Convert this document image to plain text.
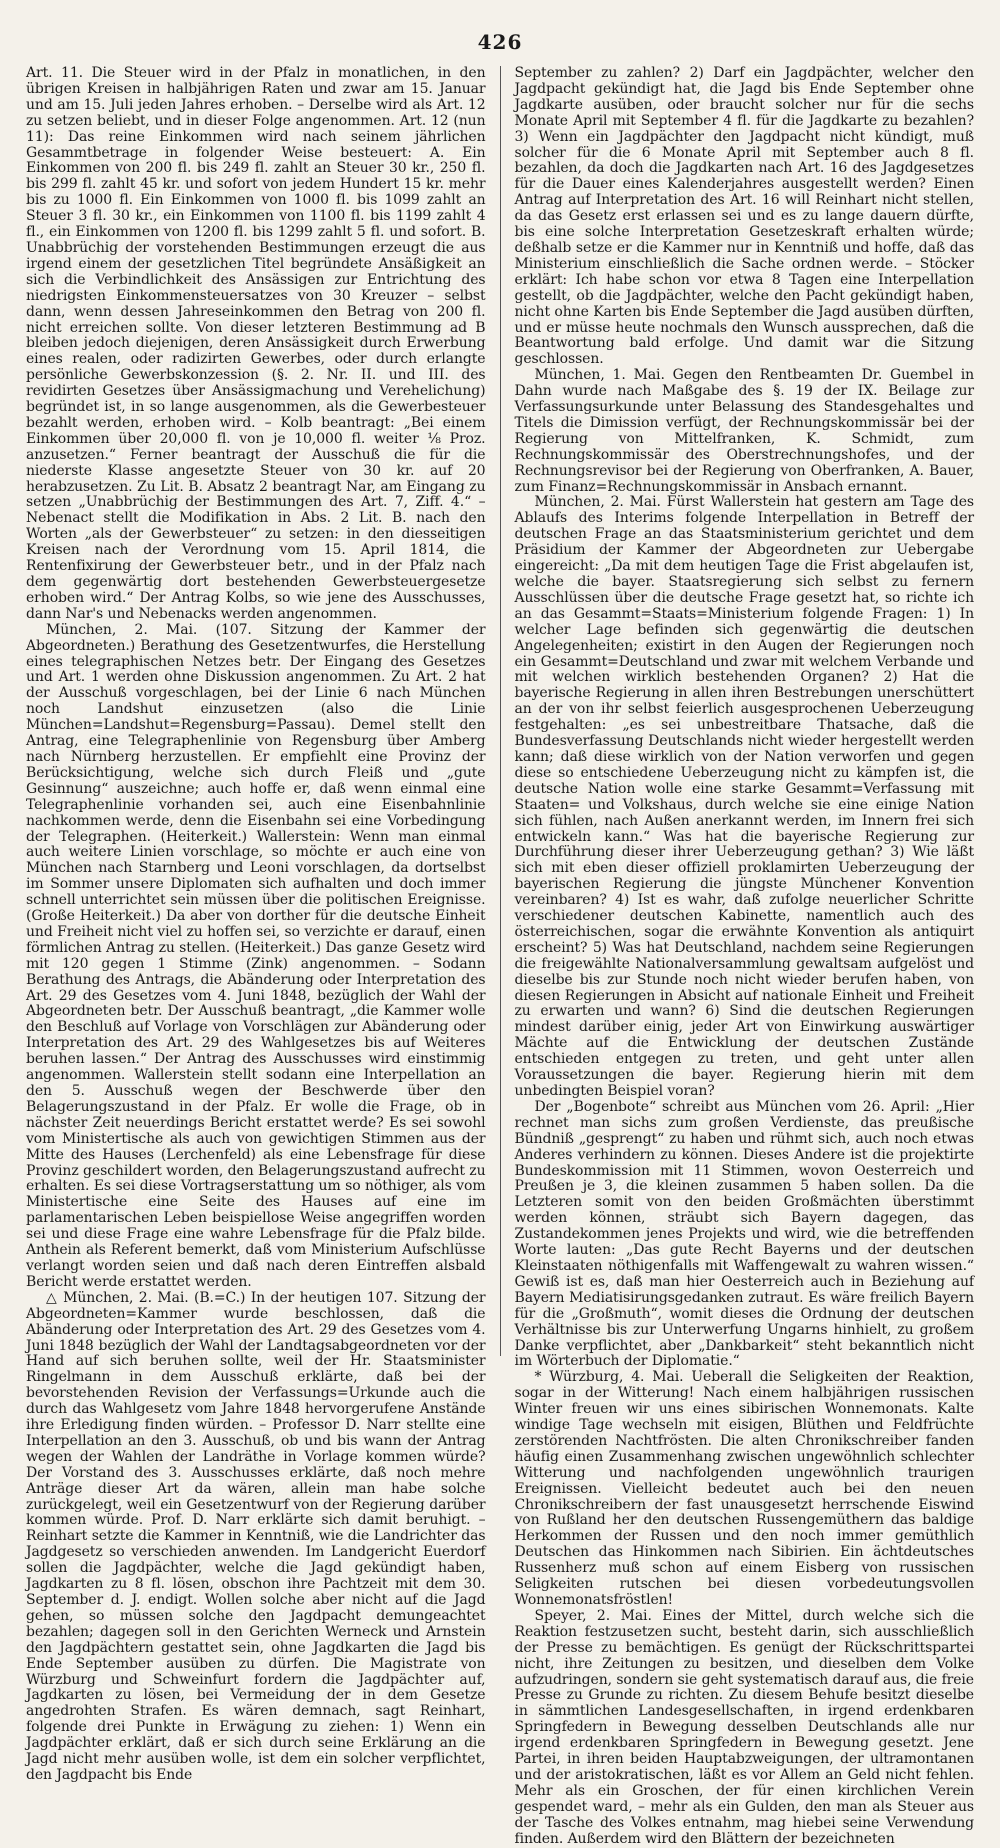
426

Art. 11. Die Steuer wird in der Pfalz in monatlichen, in den übrigen Kreisen in halbjährigen Raten und zwar am 15. Januar und am 15. Juli jeden Jahres erhoben. – Derselbe wird als Art. 12 zu setzen beliebt, und in dieser Folge angenommen. Art. 12 (nun 11): Das reine Einkommen wird nach seinem jährlichen Gesammtbetrage in folgender Weise besteuert: A. Ein Einkommen von 200 fl. bis 249 fl. zahlt an Steuer 30 kr., 250 fl. bis 299 fl. zahlt 45 kr. und sofort von jedem Hundert 15 kr. mehr bis zu 1000 fl. Ein Einkommen von 1000 fl. bis 1099 zahlt an Steuer 3 fl. 30 kr., ein Einkommen von 1100 fl. bis 1199 zahlt 4 fl., ein Einkommen von 1200 fl. bis 1299 zahlt 5 fl. und sofort. B. Unabbrüchig der vorstehenden Bestimmungen erzeugt die aus irgend einem der gesetzlichen Titel begründete Ansäßigkeit an sich die Verbindlichkeit des Ansässigen zur Entrichtung des niedrigsten Einkommensteuersatzes von 30 Kreuzer – selbst dann, wenn dessen Jahreseinkommen den Betrag von 200 fl. nicht erreichen sollte. Von dieser letzteren Bestimmung ad B bleiben jedoch diejenigen, deren Ansässigkeit durch Erwerbung eines realen, oder radizirten Gewerbes, oder durch erlangte persönliche Gewerbskonzession (§. 2. Nr. II. und III. des revidirten Gesetzes über Ansässigmachung und Verehelichung) begründet ist, in so lange ausgenommen, als die Gewerbesteuer bezahlt werden, erhoben wird. – Kolb beantragt: „Bei einem Einkommen über 20,000 fl. von je 10,000 fl. weiter ⅛ Proz. anzusetzen.“ Ferner beantragt der Ausschuß die für die niederste Klasse angesetzte Steuer von 30 kr. auf 20 herabzusetzen. Zu Lit. B. Absatz 2 beantragt Nar, am Eingang zu setzen „Unabbrüchig der Bestimmungen des Art. 7, Ziff. 4.“ – Nebenact stellt die Modifikation in Abs. 2 Lit. B. nach den Worten „als der Gewerbsteuer“ zu setzen: in den diesseitigen Kreisen nach der Verordnung vom 15. April 1814, die Rentenfixirung der Gewerbsteuer betr., und in der Pfalz nach dem gegenwärtig dort bestehenden Gewerbsteuergesetze erhoben wird.“ Der Antrag Kolbs, so wie jene des Ausschusses, dann Nar's und Nebenacks werden angenommen.

München, 2. Mai. (107. Sitzung der Kammer der Abgeordneten.) Berathung des Gesetzentwurfes, die Herstellung eines telegraphischen Netzes betr. Der Eingang des Gesetzes und Art. 1 werden ohne Diskussion angenommen. Zu Art. 2 hat der Ausschuß vorgeschlagen, bei der Linie 6 nach München noch Landshut einzusetzen (also die Linie München=Landshut=Regensburg=Passau). Demel stellt den Antrag, eine Telegraphenlinie von Regensburg über Amberg nach Nürnberg herzustellen. Er empfiehlt eine Provinz der Berücksichtigung, welche sich durch Fleiß und „gute Gesinnung“ auszeichne; auch hoffe er, daß wenn einmal eine Telegraphenlinie vorhanden sei, auch eine Eisenbahnlinie nachkommen werde, denn die Eisenbahn sei eine Vorbedingung der Telegraphen. (Heiterkeit.) Wallerstein: Wenn man einmal auch weitere Linien vorschlage, so möchte er auch eine von München nach Starnberg und Leoni vorschlagen, da dortselbst im Sommer unsere Diplomaten sich aufhalten und doch immer schnell unterrichtet sein müssen über die politischen Ereignisse. (Große Heiterkeit.) Da aber von dorther für die deutsche Einheit und Freiheit nicht viel zu hoffen sei, so verzichte er darauf, einen förmlichen Antrag zu stellen. (Heiterkeit.) Das ganze Gesetz wird mit 120 gegen 1 Stimme (Zink) angenommen. – Sodann Berathung des Antrags, die Abänderung oder Interpretation des Art. 29 des Gesetzes vom 4. Juni 1848, bezüglich der Wahl der Abgeordneten betr. Der Ausschuß beantragt, „die Kammer wolle den Beschluß auf Vorlage von Vorschlägen zur Abänderung oder Interpretation des Art. 29 des Wahlgesetzes bis auf Weiteres beruhen lassen.“ Der Antrag des Ausschusses wird einstimmig angenommen. Wallerstein stellt sodann eine Interpellation an den 5. Ausschuß wegen der Beschwerde über den Belagerungszustand in der Pfalz. Er wolle die Frage, ob in nächster Zeit neuerdings Bericht erstattet werde? Es sei sowohl vom Ministertische als auch von gewichtigen Stimmen aus der Mitte des Hauses (Lerchenfeld) als eine Lebensfrage für diese Provinz geschildert worden, den Belagerungszustand aufrecht zu erhalten. Es sei diese Vortragserstattung um so nöthiger, als vom Ministertische eine Seite des Hauses auf eine im parlamentarischen Leben beispiellose Weise angegriffen worden sei und diese Frage eine wahre Lebensfrage für die Pfalz bilde. Anthein als Referent bemerkt, daß vom Ministerium Aufschlüsse verlangt worden seien und daß nach deren Eintreffen alsbald Bericht werde erstattet werden.

△ München, 2. Mai. (B.=C.) In der heutigen 107. Sitzung der Abgeordneten=Kammer wurde beschlossen, daß die Abänderung oder Interpretation des Art. 29 des Gesetzes vom 4. Juni 1848 bezüglich der Wahl der Landtagsabgeordneten vor der Hand auf sich beruhen sollte, weil der Hr. Staatsminister Ringelmann in dem Ausschuß erklärte, daß bei der bevorstehenden Revision der Verfassungs=Urkunde auch die durch das Wahlgesetz vom Jahre 1848 hervorgerufene Anstände ihre Erledigung finden würden. – Professor D. Narr stellte eine Interpellation an den 3. Ausschuß, ob und bis wann der Antrag wegen der Wahlen der Landräthe in Vorlage kommen würde? Der Vorstand des 3. Ausschusses erklärte, daß noch mehre Anträge dieser Art da wären, allein man habe solche zurückgelegt, weil ein Gesetzentwurf von der Regierung darüber kommen würde. Prof. D. Narr erklärte sich damit beruhigt. – Reinhart setzte die Kammer in Kenntniß, wie die Landrichter das Jagdgesetz so verschieden anwenden. Im Landgericht Euerdorf sollen die Jagdpächter, welche die Jagd gekündigt haben, Jagdkarten zu 8 fl. lösen, obschon ihre Pachtzeit mit dem 30. September d. J. endigt. Wollen solche aber nicht auf die Jagd gehen, so müssen solche den Jagdpacht demungeachtet bezahlen; dagegen soll in den Gerichten Werneck und Arnstein den Jagdpächtern gestattet sein, ohne Jagdkarten die Jagd bis Ende September ausüben zu dürfen. Die Magistrate von Würzburg und Schweinfurt fordern die Jagdpächter auf, Jagdkarten zu lösen, bei Vermeidung der in dem Gesetze angedrohten Strafen. Es wären demnach, sagt Reinhart, folgende drei Punkte in Erwägung zu ziehen: 1) Wenn ein Jagdpächter erklärt, daß er sich durch seine Erklärung an die Jagd nicht mehr ausüben wolle, ist dem ein solcher verpflichtet, den Jagdpacht bis Ende

September zu zahlen? 2) Darf ein Jagdpächter, welcher den Jagdpacht gekündigt hat, die Jagd bis Ende September ohne Jagdkarte ausüben, oder braucht solcher nur für die sechs Monate April mit September 4 fl. für die Jagdkarte zu bezahlen? 3) Wenn ein Jagdpächter den Jagdpacht nicht kündigt, muß solcher für die 6 Monate April mit September auch 8 fl. bezahlen, da doch die Jagdkarten nach Art. 16 des Jagdgesetzes für die Dauer eines Kalenderjahres ausgestellt werden? Einen Antrag auf Interpretation des Art. 16 will Reinhart nicht stellen, da das Gesetz erst erlassen sei und es zu lange dauern dürfte, bis eine solche Interpretation Gesetzeskraft erhalten würde; deßhalb setze er die Kammer nur in Kenntniß und hoffe, daß das Ministerium einschließlich die Sache ordnen werde. – Stöcker erklärt: Ich habe schon vor etwa 8 Tagen eine Interpellation gestellt, ob die Jagdpächter, welche den Pacht gekündigt haben, nicht ohne Karten bis Ende September die Jagd ausüben dürften, und er müsse heute nochmals den Wunsch aussprechen, daß die Beantwortung bald erfolge. Und damit war die Sitzung geschlossen.

München, 1. Mai. Gegen den Rentbeamten Dr. Guembel in Dahn wurde nach Maßgabe des §. 19 der IX. Beilage zur Verfassungsurkunde unter Belassung des Standesgehaltes und Titels die Dimission verfügt, der Rechnungskommissär bei der Regierung von Mittelfranken, K. Schmidt, zum Rechnungskommissär des Oberstrechnungshofes, und der Rechnungsrevisor bei der Regierung von Oberfranken, A. Bauer, zum Finanz=Rechnungskommissär in Ansbach ernannt.

München, 2. Mai. Fürst Wallerstein hat gestern am Tage des Ablaufs des Interims folgende Interpellation in Betreff der deutschen Frage an das Staatsministerium gerichtet und dem Präsidium der Kammer der Abgeordneten zur Uebergabe eingereicht: „Da mit dem heutigen Tage die Frist abgelaufen ist, welche die bayer. Staatsregierung sich selbst zu fernern Ausschlüssen über die deutsche Frage gesetzt hat, so richte ich an das Gesammt=Staats=Ministerium folgende Fragen: 1) In welcher Lage befinden sich gegenwärtig die deutschen Angelegenheiten; existirt in den Augen der Regierungen noch ein Gesammt=Deutschland und zwar mit welchem Verbande und mit welchen wirklich bestehenden Organen? 2) Hat die bayerische Regierung in allen ihren Bestrebungen unerschüttert an der von ihr selbst feierlich ausgesprochenen Ueberzeugung festgehalten: „es sei unbestreitbare Thatsache, daß die Bundesverfassung Deutschlands nicht wieder hergestellt werden kann; daß diese wirklich von der Nation verworfen und gegen diese so entschiedene Ueberzeugung nicht zu kämpfen ist, die deutsche Nation wolle eine starke Gesammt=Verfassung mit Staaten= und Volkshaus, durch welche sie eine einige Nation sich fühlen, nach Außen anerkannt werden, im Innern frei sich entwickeln kann.“ Was hat die bayerische Regierung zur Durchführung dieser ihrer Ueberzeugung gethan? 3) Wie läßt sich mit eben dieser offiziell proklamirten Ueberzeugung der bayerischen Regierung die jüngste Münchener Konvention vereinbaren? 4) Ist es wahr, daß zufolge neuerlicher Schritte verschiedener deutschen Kabinette, namentlich auch des österreichischen, sogar die erwähnte Konvention als antiquirt erscheint? 5) Was hat Deutschland, nachdem seine Regierungen die freigewählte Nationalversammlung gewaltsam aufgelöst und dieselbe bis zur Stunde noch nicht wieder berufen haben, von diesen Regierungen in Absicht auf nationale Einheit und Freiheit zu erwarten und wann? 6) Sind die deutschen Regierungen mindest darüber einig, jeder Art von Einwirkung auswärtiger Mächte auf die Entwicklung der deutschen Zustände entschieden entgegen zu treten, und geht unter allen Voraussetzungen die bayer. Regierung hierin mit dem unbedingten Beispiel voran?

Der „Bogenbote“ schreibt aus München vom 26. April: „Hier rechnet man sichs zum großen Verdienste, das preußische Bündniß „gesprengt“ zu haben und rühmt sich, auch noch etwas Anderes verhindern zu können. Dieses Andere ist die projektirte Bundeskommission mit 11 Stimmen, wovon Oesterreich und Preußen je 3, die kleinen zusammen 5 haben sollen. Da die Letzteren somit von den beiden Großmächten überstimmt werden können, sträubt sich Bayern dagegen, das Zustandekommen jenes Projekts und wird, wie die betreffenden Worte lauten: „Das gute Recht Bayerns und der deutschen Kleinstaaten nöthigenfalls mit Waffengewalt zu wahren wissen.“ Gewiß ist es, daß man hier Oesterreich auch in Beziehung auf Bayern Mediatisirungsgedanken zutraut. Es wäre freilich Bayern für die „Großmuth“, womit dieses die Ordnung der deutschen Verhältnisse bis zur Unterwerfung Ungarns hinhielt, zu großem Danke verpflichtet, aber „Dankbarkeit“ steht bekanntlich nicht im Wörterbuch der Diplomatie.“

* Würzburg, 4. Mai. Ueberall die Seligkeiten der Reaktion, sogar in der Witterung! Nach einem halbjährigen russischen Winter freuen wir uns eines sibirischen Wonnemonats. Kalte windige Tage wechseln mit eisigen, Blüthen und Feldfrüchte zerstörenden Nachtfrösten. Die alten Chronikschreiber fanden häufig einen Zusammenhang zwischen ungewöhnlich schlechter Witterung und nachfolgenden ungewöhnlich traurigen Ereignissen. Vielleicht bedeutet auch bei den neuen Chronikschreibern der fast unausgesetzt herrschende Eiswind von Rußland her den deutschen Russengemüthern das baldige Herkommen der Russen und den noch immer gemüthlich Deutschen das Hinkommen nach Sibirien. Ein ächtdeutsches Russenherz muß schon auf einem Eisberg von russischen Seligkeiten rutschen bei diesen vorbedeutungsvollen Wonnemonatsfröstlen!

Speyer, 2. Mai. Eines der Mittel, durch welche sich die Reaktion festzusetzen sucht, besteht darin, sich ausschließlich der Presse zu bemächtigen. Es genügt der Rückschrittspartei nicht, ihre Zeitungen zu besitzen, und dieselben dem Volke aufzudringen, sondern sie geht systematisch darauf aus, die freie Presse zu Grunde zu richten. Zu diesem Behufe besitzt dieselbe in sämmtlichen Landesgesellschaften, in irgend erdenkbaren Springfedern in Bewegung desselben Deutschlands alle nur irgend erdenkbaren Springfedern in Bewegung gesetzt. Jene Partei, in ihren beiden Hauptabzweigungen, der ultramontanen und der aristokratischen, läßt es vor Allem an Geld nicht fehlen. Mehr als ein Groschen, der für einen kirchlichen Verein gespendet ward, – mehr als ein Gulden, den man als Steuer aus der Tasche des Volkes entnahm, mag hiebei seine Verwendung finden. Außerdem wird den Blättern der bezeichneten
